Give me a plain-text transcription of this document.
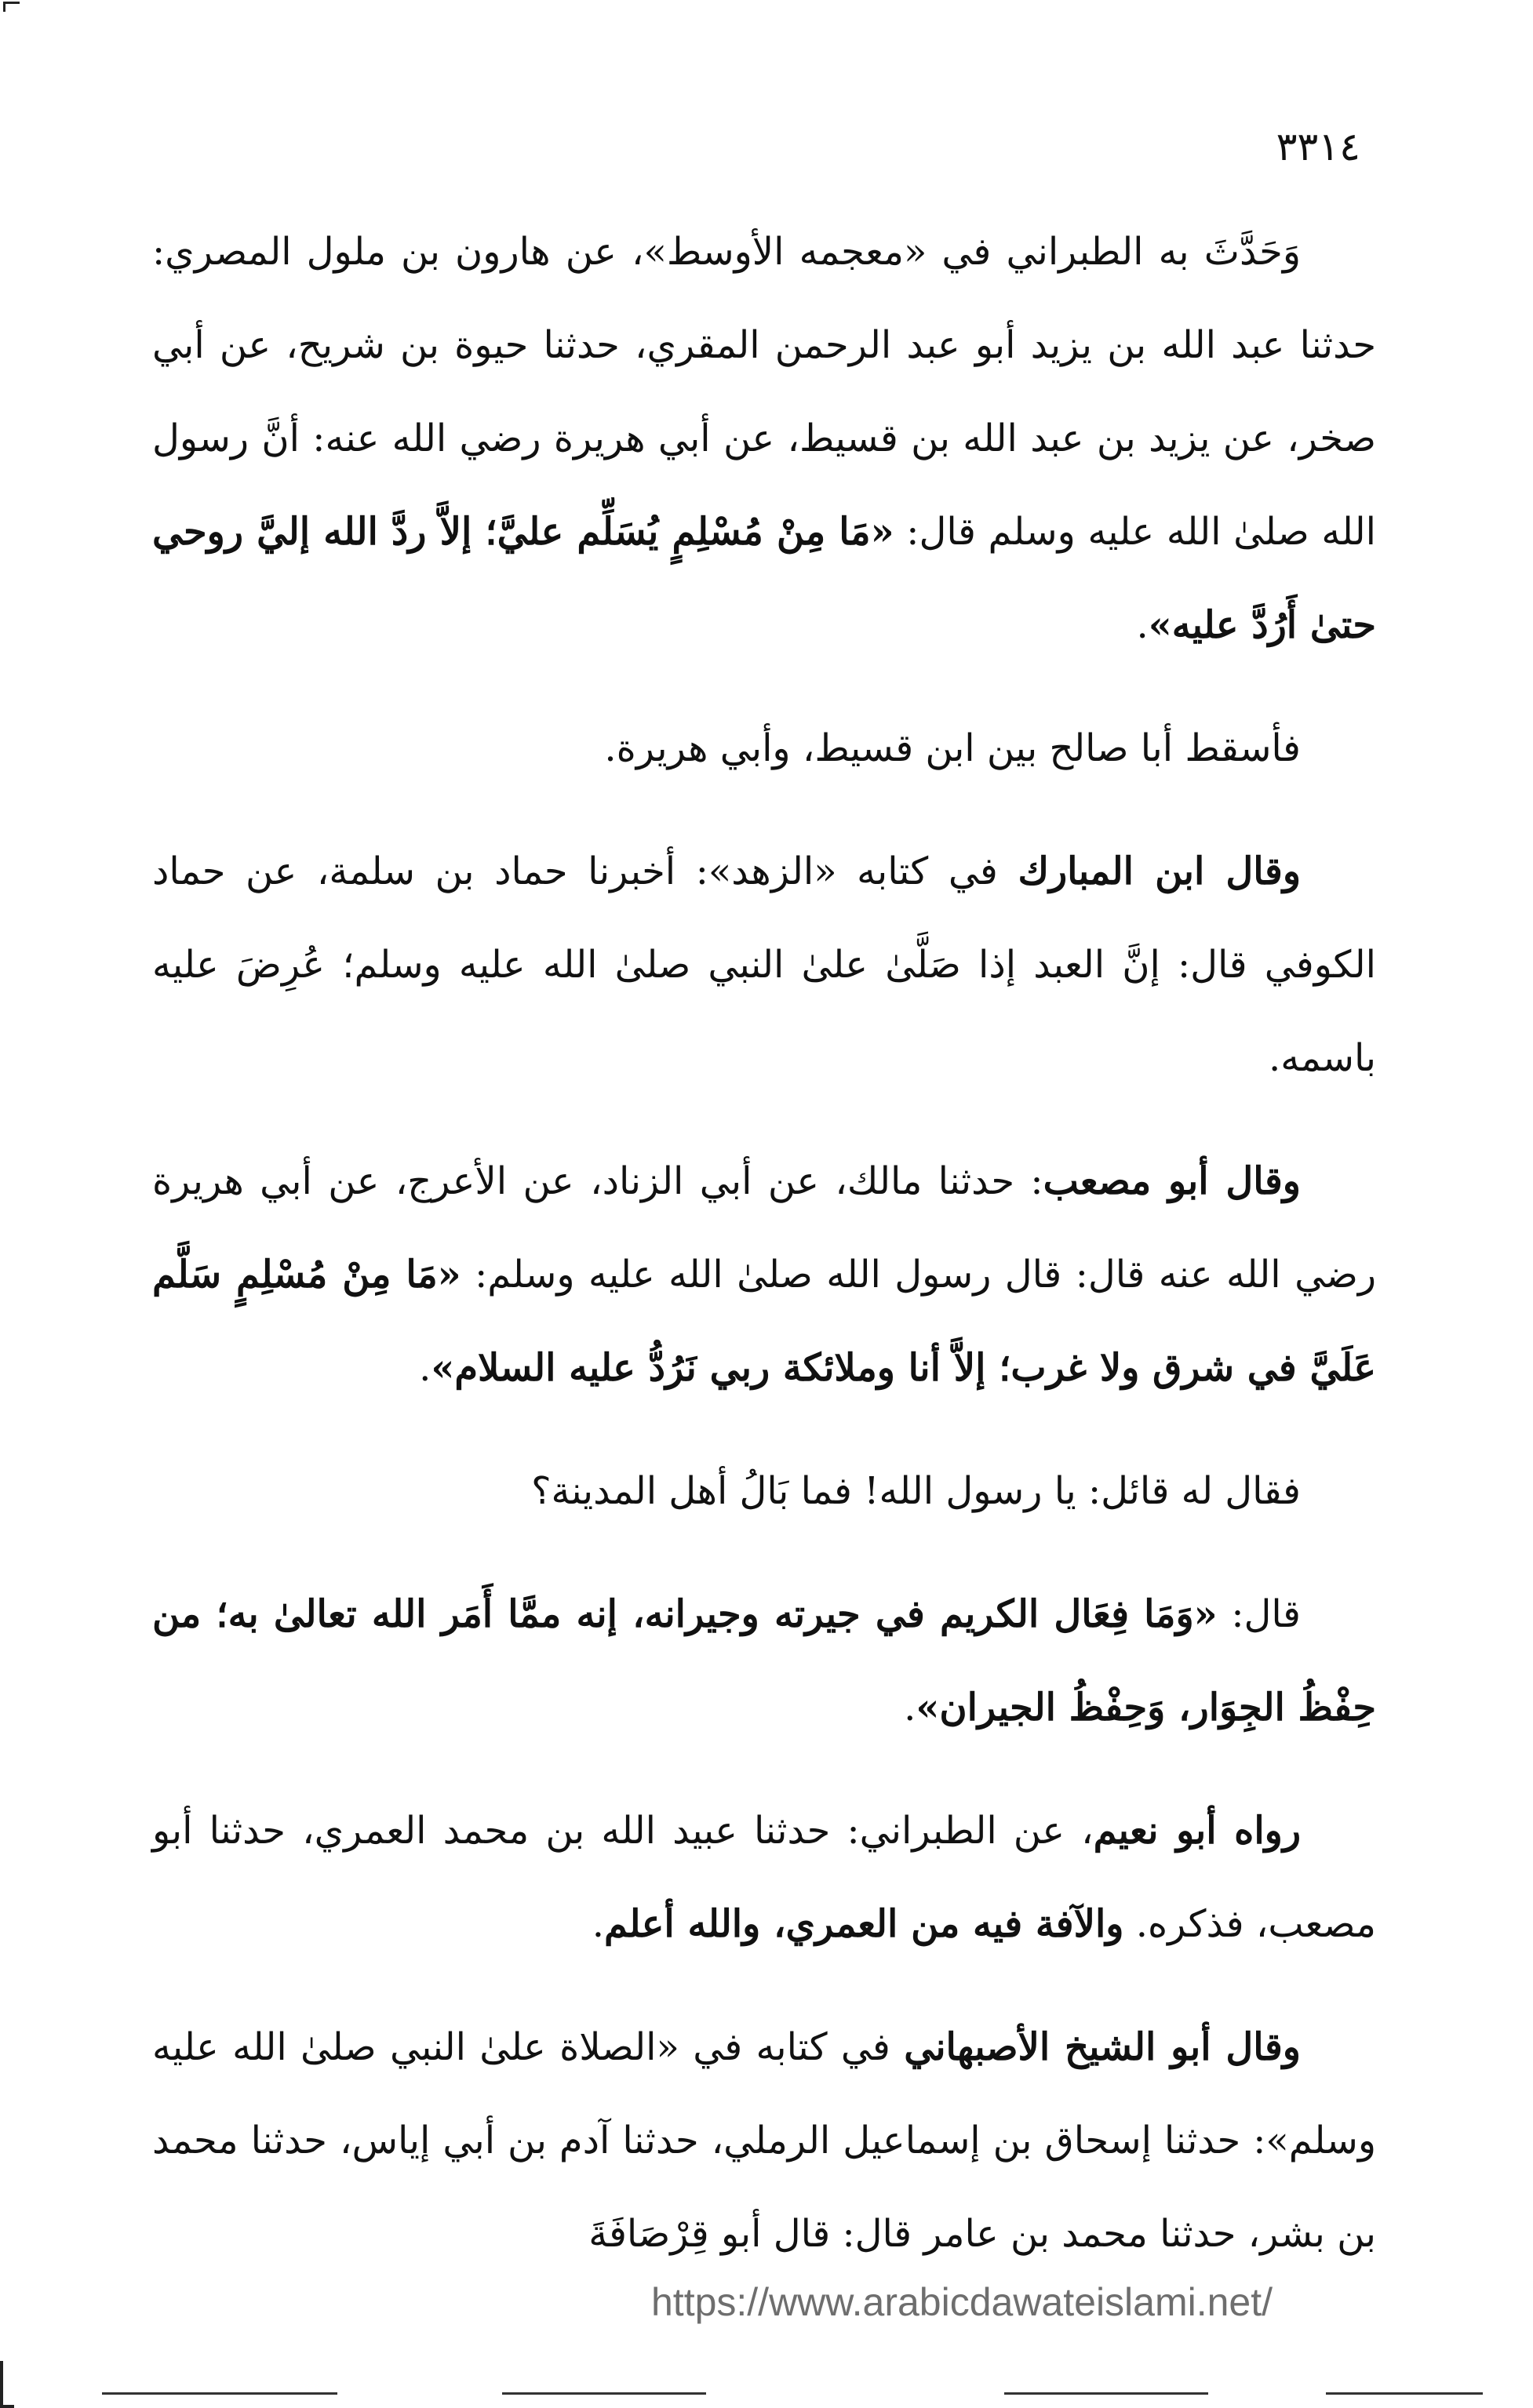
٣٣١٤

وَحَدَّثَ به الطبراني في «معجمه الأوسط»، عن هارون بن ملول المصري: حدثنا عبد الله بن يزيد أبو عبد الرحمن المقري، حدثنا حيوة بن شريح، عن أبي صخر، عن يزيد بن عبد الله بن قسيط، عن أبي هريرة رضي الله عنه: أنَّ رسول الله صلىٰ الله عليه وسلم قال: «مَا مِنْ مُسْلِمٍ يُسَلِّم عليَّ؛ إلاَّ ردَّ الله إليَّ روحي حتىٰ أَرُدَّ عليه».

فأسقط أبا صالح بين ابن قسيط، وأبي هريرة.

وقال ابن المبارك في كتابه «الزهد»: أخبرنا حماد بن سلمة، عن حماد الكوفي قال: إنَّ العبد إذا صَلَّىٰ علىٰ النبي صلىٰ الله عليه وسلم؛ عُرِضَ عليه باسمه.

وقال أبو مصعب: حدثنا مالك، عن أبي الزناد، عن الأعرج، عن أبي هريرة رضي الله عنه قال: قال رسول الله صلىٰ الله عليه وسلم: «مَا مِنْ مُسْلِمٍ سَلَّم عَلَيَّ في شرق ولا غرب؛ إلاَّ أنا وملائكة ربي نَرُدُّ عليه السلام».

فقال له قائل: يا رسول الله! فما بَالُ أهل المدينة؟

قال: «وَمَا فِعَال الكريم في جيرته وجيرانه، إنه ممَّا أَمَر الله تعالىٰ به؛ من حِفْظُ الجِوَار، وَحِفْظُ الجيران».

رواه أبو نعيم، عن الطبراني: حدثنا عبيد الله بن محمد العمري، حدثنا أبو مصعب، فذكره. والآفة فيه من العمري، والله أعلم.

وقال أبو الشيخ الأصبهاني في كتابه في «الصلاة علىٰ النبي صلىٰ الله عليه وسلم»: حدثنا إسحاق بن إسماعيل الرملي، حدثنا آدم بن أبي إياس، حدثنا محمد بن بشر، حدثنا محمد بن عامر قال: قال أبو قِرْصَافَةَ

https://www.arabicdawateislami.net/
